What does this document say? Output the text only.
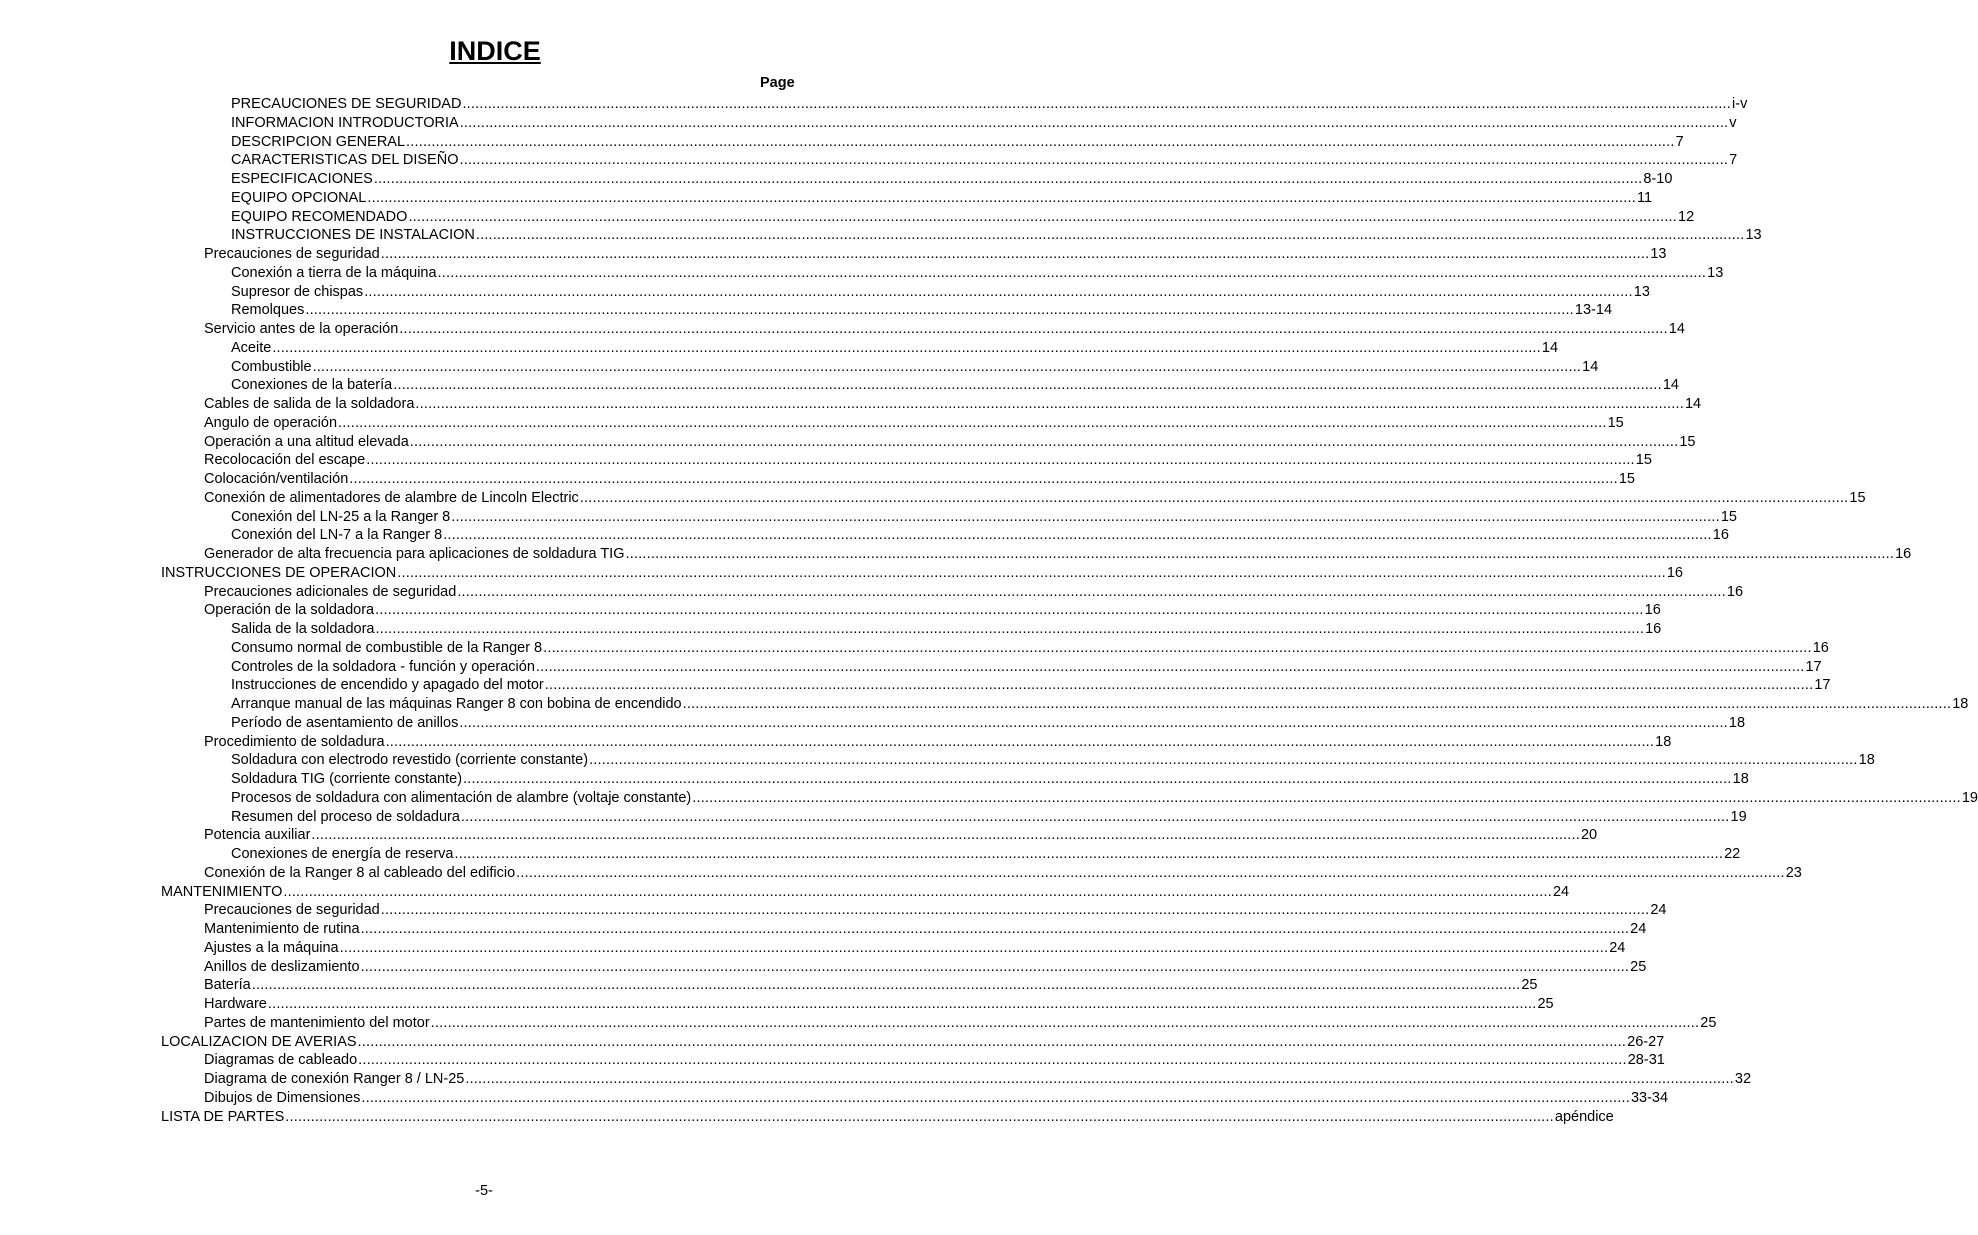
INDICE
Page
PRECAUCIONES DE SEGURIDAD ............................................................................................................................................................................................................................................................................................................ i-v
INFORMACION INTRODUCTORIA ............................................................................................................................................................................................................................................................................................................ v
DESCRIPCION GENERAL ............................................................................................................................................................................................................................................................................................................ 7
CARACTERISTICAS DEL DISEÑO ............................................................................................................................................................................................................................................................................................................ 7
ESPECIFICACIONES ............................................................................................................................................................................................................................................................................................................ 8-10
EQUIPO OPCIONAL ............................................................................................................................................................................................................................................................................................................ 11
EQUIPO RECOMENDADO ............................................................................................................................................................................................................................................................................................................ 12
INSTRUCCIONES DE INSTALACION ............................................................................................................................................................................................................................................................................................................ 13
Precauciones de seguridad ............................................................................................................................................................................................................................................................................................................ 13
Conexión a tierra de la máquina ............................................................................................................................................................................................................................................................................................................ 13
Supresor de chispas ............................................................................................................................................................................................................................................................................................................ 13
Remolques ............................................................................................................................................................................................................................................................................................................ 13-14
Servicio antes de la operación ............................................................................................................................................................................................................................................................................................................ 14
Aceite ............................................................................................................................................................................................................................................................................................................ 14
Combustible ............................................................................................................................................................................................................................................................................................................ 14
Conexiones de la batería ............................................................................................................................................................................................................................................................................................................ 14
Cables de salida de la soldadora ............................................................................................................................................................................................................................................................................................................ 14
Angulo de operación ............................................................................................................................................................................................................................................................................................................ 15
Operación a una altitud elevada ............................................................................................................................................................................................................................................................................................................ 15
Recolocación del escape ............................................................................................................................................................................................................................................................................................................ 15
Colocación/ventilación ............................................................................................................................................................................................................................................................................................................ 15
Conexión de alimentadores de alambre de Lincoln Electric ............................................................................................................................................................................................................................................................................................................ 15
Conexión del LN-25 a la Ranger 8 ............................................................................................................................................................................................................................................................................................................ 15
Conexión del LN-7 a la Ranger 8 ............................................................................................................................................................................................................................................................................................................ 16
Generador de alta frecuencia para aplicaciones de soldadura TIG ............................................................................................................................................................................................................................................................................................................ 16
INSTRUCCIONES DE OPERACION ............................................................................................................................................................................................................................................................................................................ 16
Precauciones adicionales de seguridad ............................................................................................................................................................................................................................................................................................................ 16
Operación de la soldadora ............................................................................................................................................................................................................................................................................................................ 16
Salida de la soldadora ............................................................................................................................................................................................................................................................................................................ 16
Consumo normal de combustible de la Ranger 8 ............................................................................................................................................................................................................................................................................................................ 16
Controles de la soldadora - función y operación ............................................................................................................................................................................................................................................................................................................ 17
Instrucciones de encendido y apagado del motor ............................................................................................................................................................................................................................................................................................................ 17
Arranque manual de las máquinas Ranger 8 con bobina de encendido ............................................................................................................................................................................................................................................................................................................ 18
Período de asentamiento de anillos ............................................................................................................................................................................................................................................................................................................ 18
Procedimiento de soldadura ............................................................................................................................................................................................................................................................................................................ 18
Soldadura con electrodo revestido (corriente constante) ............................................................................................................................................................................................................................................................................................................ 18
Soldadura TIG (corriente constante) ............................................................................................................................................................................................................................................................................................................ 18
Procesos de soldadura con alimentación de alambre (voltaje constante) ............................................................................................................................................................................................................................................................................................................ 19
Resumen del proceso de soldadura ............................................................................................................................................................................................................................................................................................................ 19
Potencia auxiliar ............................................................................................................................................................................................................................................................................................................ 20
Conexiones de energía de reserva ............................................................................................................................................................................................................................................................................................................ 22
Conexión de la Ranger 8 al cableado del edificio ............................................................................................................................................................................................................................................................................................................ 23
MANTENIMIENTO ............................................................................................................................................................................................................................................................................................................ 24
Precauciones de seguridad ............................................................................................................................................................................................................................................................................................................ 24
Mantenimiento de rutina ............................................................................................................................................................................................................................................................................................................ 24
Ajustes a la máquina ............................................................................................................................................................................................................................................................................................................ 24
Anillos de deslizamiento ............................................................................................................................................................................................................................................................................................................ 25
Batería ............................................................................................................................................................................................................................................................................................................ 25
Hardware ............................................................................................................................................................................................................................................................................................................ 25
Partes de mantenimiento del motor ............................................................................................................................................................................................................................................................................................................ 25
LOCALIZACION DE AVERIAS ............................................................................................................................................................................................................................................................................................................ 26-27
Diagramas de cableado ............................................................................................................................................................................................................................................................................................................ 28-31
Diagrama de conexión Ranger 8 / LN-25 ............................................................................................................................................................................................................................................................................................................ 32
Dibujos de Dimensiones ............................................................................................................................................................................................................................................................................................................ 33-34
LISTA DE PARTES ............................................................................................................................................................................................................................................................................................................ apéndice
-5-
